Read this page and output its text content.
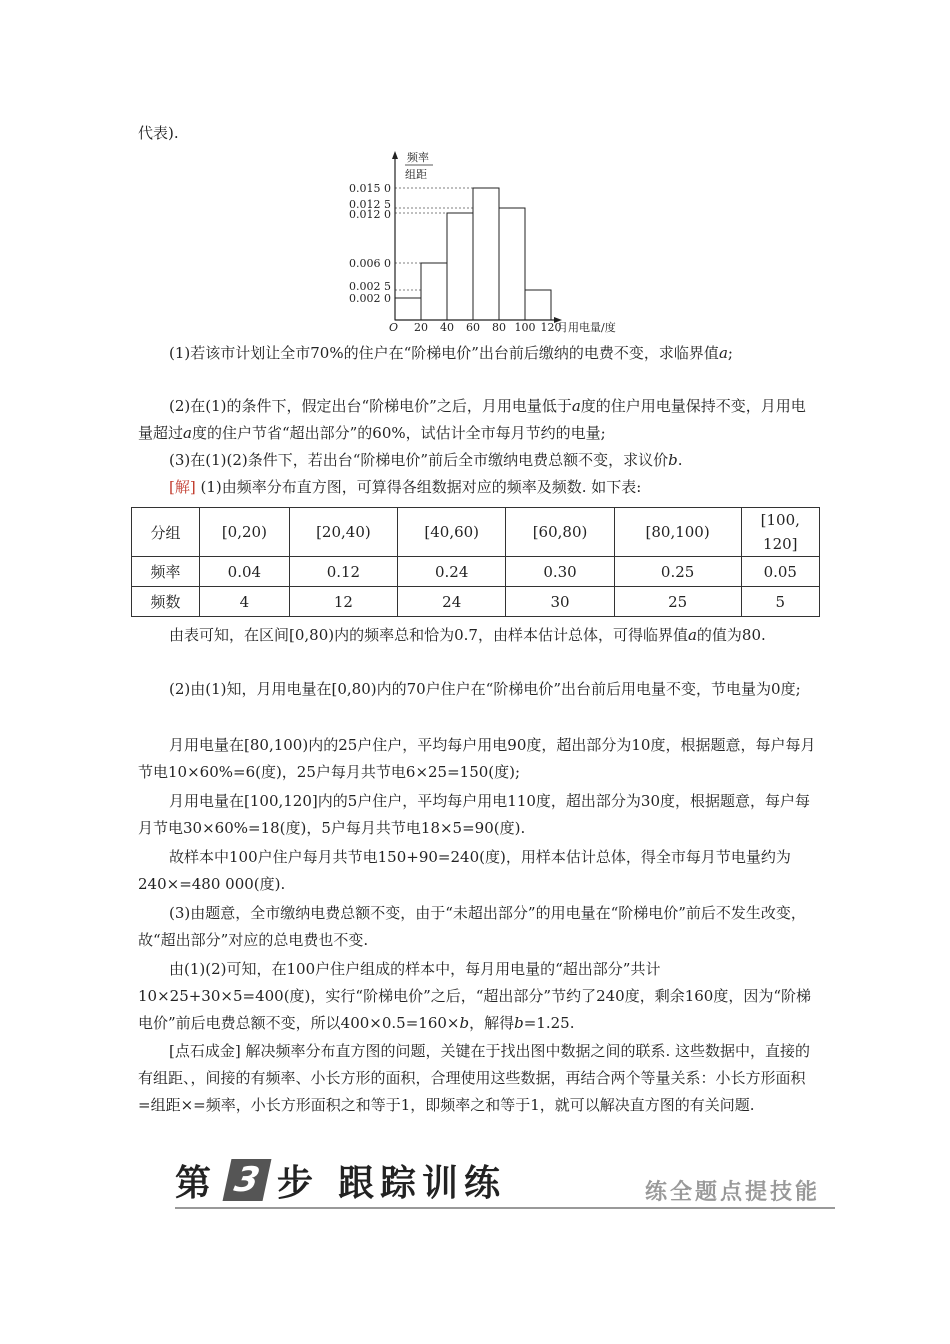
代表).
频率
组距
O	月用电量/度
0.002 0
0.002 5
0.006 0
0.012 0
0.012 5
0.015 0
20 40 60 80 100 120
(1)若该市计划让全市70%的住户在“阶梯电价”出台前后缴纳的电费不变，求临界值a;
(2)在(1)的条件下，假定出台“阶梯电价”之后，月用电量低于a度的住户用电量保持不变，月用电量超过a度的住户节省“超出部分”的60%，试估计全市每月节约的电量;
(3)在(1)(2)条件下，若出台“阶梯电价”前后全市缴纳电费总额不变，求议价b.
[解] (1)由频率分布直方图，可算得各组数据对应的频率及频数. 如下表:
分组	[0,20)	[20,40)	[40,60)	[60,80)	[80,100)	[100,
120]

频率	0.04	0.12	0.24	0.30	0.25	0.05
频数	4	12	24	30	25	5
由表可知，在区间[0,80)内的频率总和恰为0.7，由样本估计总体，可得临界值a的值为80.
(2)由(1)知，月用电量在[0,80)内的70户住户在“阶梯电价”出台前后用电量不变，节电量为0度;
月用电量在[80,100)内的25户住户，平均每户用电90度，超出部分为10度，根据题意，每户每月节电10×60%=6(度)，25户每月共节电6×25=150(度);
月用电量在[100,120]内的5户住户，平均每户用电110度，超出部分为30度，根据题意，每户每月节电30×60%=18(度)，5户每月共节电18×5=90(度).
故样本中100户住户每月共节电150+90=240(度)，用样本估计总体，得全市每月节电量约为240×=480 000(度).
(3)由题意，全市缴纳电费总额不变，由于“未超出部分”的用电量在“阶梯电价”前后不发生改变，故“超出部分”对应的总电费也不变.
由(1)(2)可知，在100户住户组成的样本中，每月用电量的“超出部分”共计10×25+30×5=400(度)，实行“阶梯电价”之后，“超出部分”节约了240度，剩余160度，因为“阶梯电价”前后电费总额不变，所以400×0.5=160×b，解得b=1.25.
[点石成金] 解决频率分布直方图的问题，关键在于找出图中数据之间的联系. 这些数据中，直接的有组距、，间接的有频率、小长方形的面积，合理使用这些数据，再结合两个等量关系：小长方形面积=组距×=频率，小长方形面积之和等于1，即频率之和等于1，就可以解决直方图的有关问题.
第 3 步 跟踪训练	练全题点提技能
